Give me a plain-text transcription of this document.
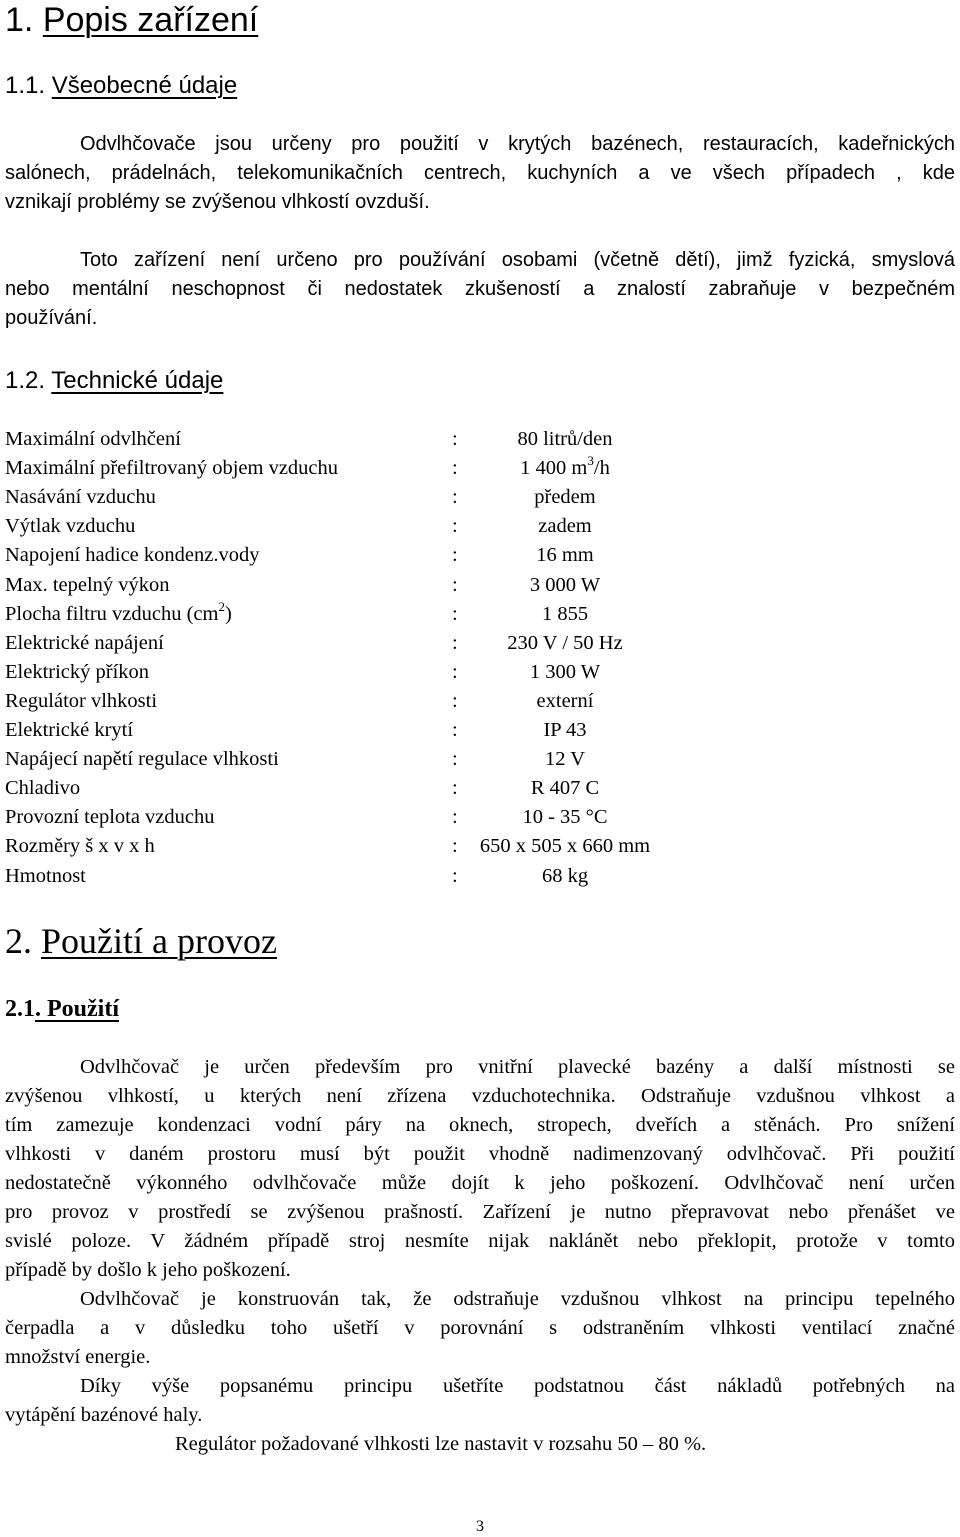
1. Popis zařízení
1.1. Všeobecné údaje
Odvlhčovače jsou určeny pro použití v krytých bazénech, restauracích, kadeřnických
salónech, prádelnách, telekomunikačních centrech, kuchyních a ve všech případech , kde
vznikají problémy se zvýšenou vlhkostí ovzduší.
Toto zařízení není určeno pro používání osobami (včetně dětí), jimž fyzická, smyslová
nebo mentální neschopnost či nedostatek zkušeností a znalostí zabraňuje v bezpečném
používání.
1.2. Technické údaje
Maximální odvlhčení	:	80 litrů/den
Maximální přefiltrovaný objem vzduchu	:	1 400 $m^3/h$
Nasávání vzduchu	:	předem
Výtlak vzduchu	:	zadem
Napojení hadice kondenz.vody	:	16 mm
Max. tepelný výkon	:	3 000 W
Plocha filtru vzduchu $(cm^2)$	:	1 855
Elektrické napájení	:	230 V / 50 Hz
Elektrický příkon	:	1 300 W
Regulátor vlhkosti	:	externí
Elektrické krytí	:	IP 43
Napájecí napětí regulace vlhkosti	:	12 V
Chladivo	:	R 407 C
Provozní teplota vzduchu	:	10 - 35 °C
Rozměry š x v x h	:	650 x 505 x 660 mm
Hmotnost	:	68 kg
2. Použití a provoz
2.1. Použití
Odvlhčovač je určen především pro vnitřní plavecké bazény a další místnosti se
zvýšenou vlhkostí, u kterých není zřízena vzduchotechnika. Odstraňuje vzdušnou vlhkost a
tím zamezuje kondenzaci vodní páry na oknech, stropech, dveřích a stěnách. Pro snížení
vlhkosti v daném prostoru musí být použit vhodně nadimenzovaný odvlhčovač. Při použití
nedostatečně výkonného odvlhčovače může dojít k jeho poškození. Odvlhčovač není určen
pro provoz v prostředí se zvýšenou prašností. Zařízení je nutno přepravovat nebo přenášet ve
svislé poloze. V žádném případě stroj nesmíte nijak naklánět nebo překlopit, protože v tomto
případě by došlo k jeho poškození.
Odvlhčovač je konstruován tak, že odstraňuje vzdušnou vlhkost na principu tepelného
čerpadla a v důsledku toho ušetří v porovnání s odstraněním vlhkosti ventilací značné
množství energie.
Díky výše popsanému principu ušetříte podstatnou část nákladů potřebných na
vytápění bazénové haly.
Regulátor požadované vlhkosti lze nastavit v rozsahu 50 – 80 %.
3
